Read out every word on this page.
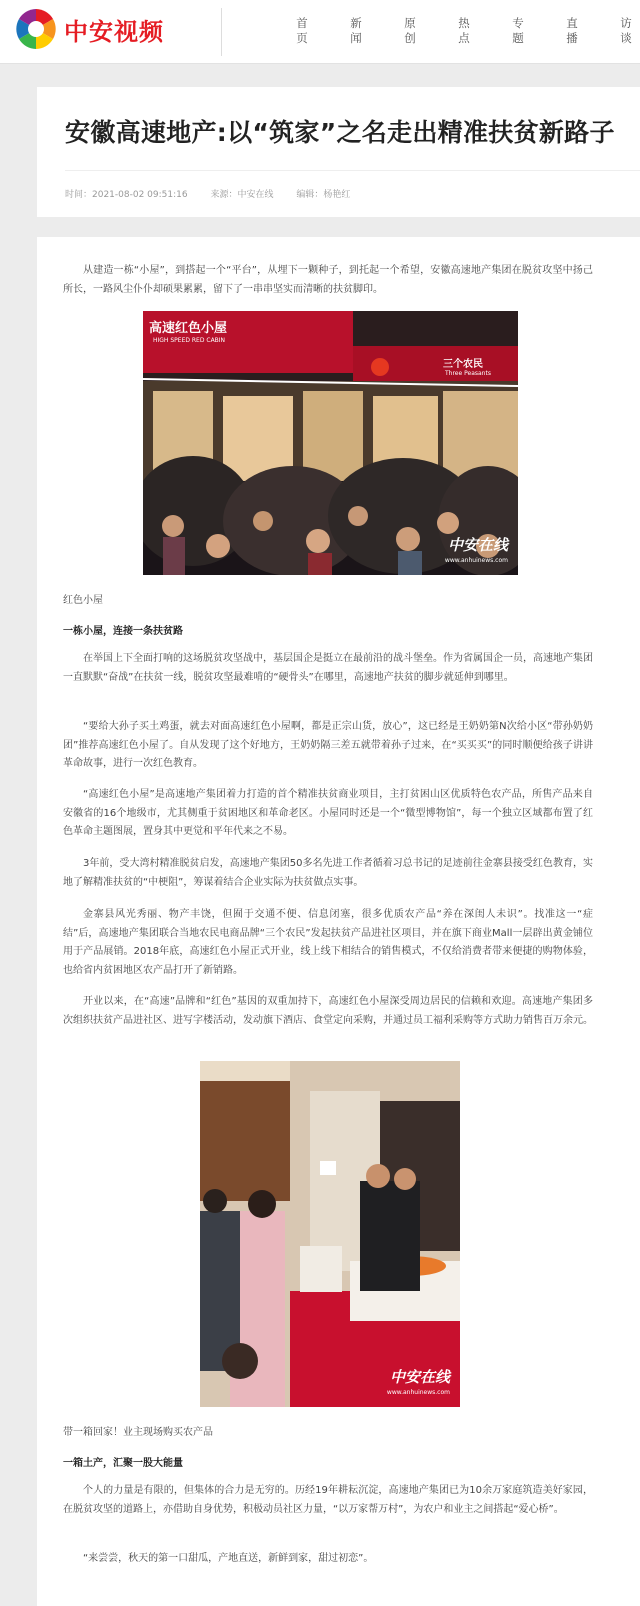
中安视频	首
页
新
闻
原
创
热
点
专
题
直
播
访
谈
安徽高速地产:以“筑家”之名走出精准扶贫新路子
时间：2021-08-02 09:51:16	来源：中安在线	编辑：杨艳红

从建造一栋“小屋”，到搭起一个“平台”，从埋下一颗种子，到托起一个希望，安徽高速地产集团在脱贫攻坚中扬己所长，一路风尘仆仆却硕果累累，留下了一串串坚实而清晰的扶贫脚印。

高速红色小屋
HIGH SPEED RED CABIN
三个农民
Three Peasants
中安在线
www.anhuinews.com
红色小屋
一栋小屋，连接一条扶贫路

在举国上下全面打响的这场脱贫攻坚战中，基层国企是挺立在最前沿的战斗堡垒。作为省属国企一员，高速地产集团一直默默“奋战”在扶贫一线，脱贫攻坚最难啃的“硬骨头”在哪里，高速地产扶贫的脚步就延伸到哪里。

“要给大孙子买土鸡蛋，就去对面高速红色小屋啊，都是正宗山货，放心”，这已经是王奶奶第N次给小区“带孙奶奶团”推荐高速红色小屋了。自从发现了这个好地方，王奶奶隔三差五就带着孙子过来，在“买买买”的同时顺便给孩子讲讲革命故事，进行一次红色教育。

“高速红色小屋”是高速地产集团着力打造的首个精准扶贫商业项目，主打贫困山区优质特色农产品，所售产品来自安徽省的16个地级市，尤其侧重于贫困地区和革命老区。小屋同时还是一个“微型博物馆”，每一个独立区域都布置了红色革命主题图展，置身其中更觉和平年代来之不易。

3年前，受大湾村精准脱贫启发，高速地产集团50多名先进工作者循着习总书记的足迹前往金寨县接受红色教育，实地了解精准扶贫的“中梗阻”，筹谋着结合企业实际为扶贫做点实事。

金寨县风光秀丽、物产丰饶，但囿于交通不便、信息闭塞，很多优质农产品“养在深闺人未识”。找准这一“症结”后，高速地产集团联合当地农民电商品牌“三个农民”发起扶贫产品进社区项目，并在旗下商业Mall一层辟出黄金铺位用于产品展销。2018年底，高速红色小屋正式开业，线上线下相结合的销售模式，不仅给消费者带来便捷的购物体验，也给省内贫困地区农产品打开了新销路。

开业以来，在“高速”品牌和“红色”基因的双重加持下，高速红色小屋深受周边居民的信赖和欢迎。高速地产集团多次组织扶贫产品进社区、进写字楼活动，发动旗下酒店、食堂定向采购，并通过员工福利采购等方式助力销售百万余元。

中安在线
www.anhuinews.com
带一箱回家！业主现场购买农产品
一箱土产，汇聚一股大能量

个人的力量是有限的，但集体的合力是无穷的。历经19年耕耘沉淀，高速地产集团已为10余万家庭筑造美好家园，在脱贫攻坚的道路上，亦借助自身优势，积极动员社区力量，“以万家帮万村”，为农户和业主之间搭起“爱心桥”。

“来尝尝，秋天的第一口甜瓜，产地直送，新鲜到家，甜过初恋”。
